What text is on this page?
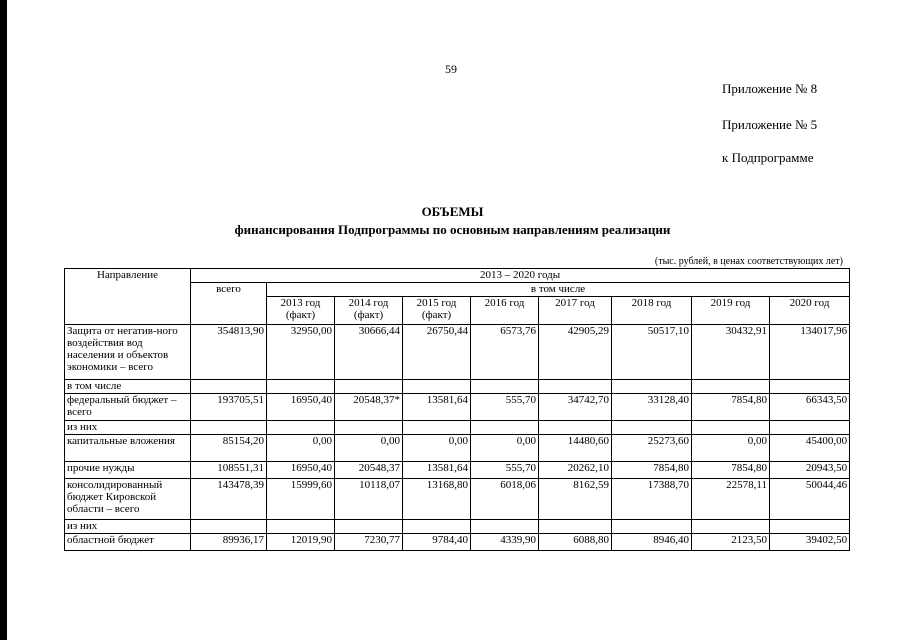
59
Приложение № 8
Приложение № 5
к Подпрограмме
ОБЪЕМЫ
финансирования Подпрограммы по основным направлениям реализации
(тыс. рублей, в ценах соответствующих лет)
Направление	2013 – 2020 годы								
	всего	в том числе							
		2013 год (факт)	2014 год (факт)	2015 год (факт)	2016 год	2017 год	2018 год	2019 год	2020 год
Защита от негатив-ного воздействия вод населения и объектов экономики – всего	354813,90	32950,00	30666,44	26750,44	6573,76	42905,29	50517,10	30432,91	134017,96
в том числе									
федеральный бюджет – всего	193705,51	16950,40	20548,37*	13581,64	555,70	34742,70	33128,40	7854,80	66343,50
из них									
капитальные вложения	85154,20	0,00	0,00	0,00	0,00	14480,60	25273,60	0,00	45400,00
прочие нужды	108551,31	16950,40	20548,37	13581,64	555,70	20262,10	7854,80	7854,80	20943,50
консолидированный бюджет Кировской области – всего	143478,39	15999,60	10118,07	13168,80	6018,06	8162,59	17388,70	22578,11	50044,46
из них									
областной бюджет	89936,17	12019,90	7230,77	9784,40	4339,90	6088,80	8946,40	2123,50	39402,50
